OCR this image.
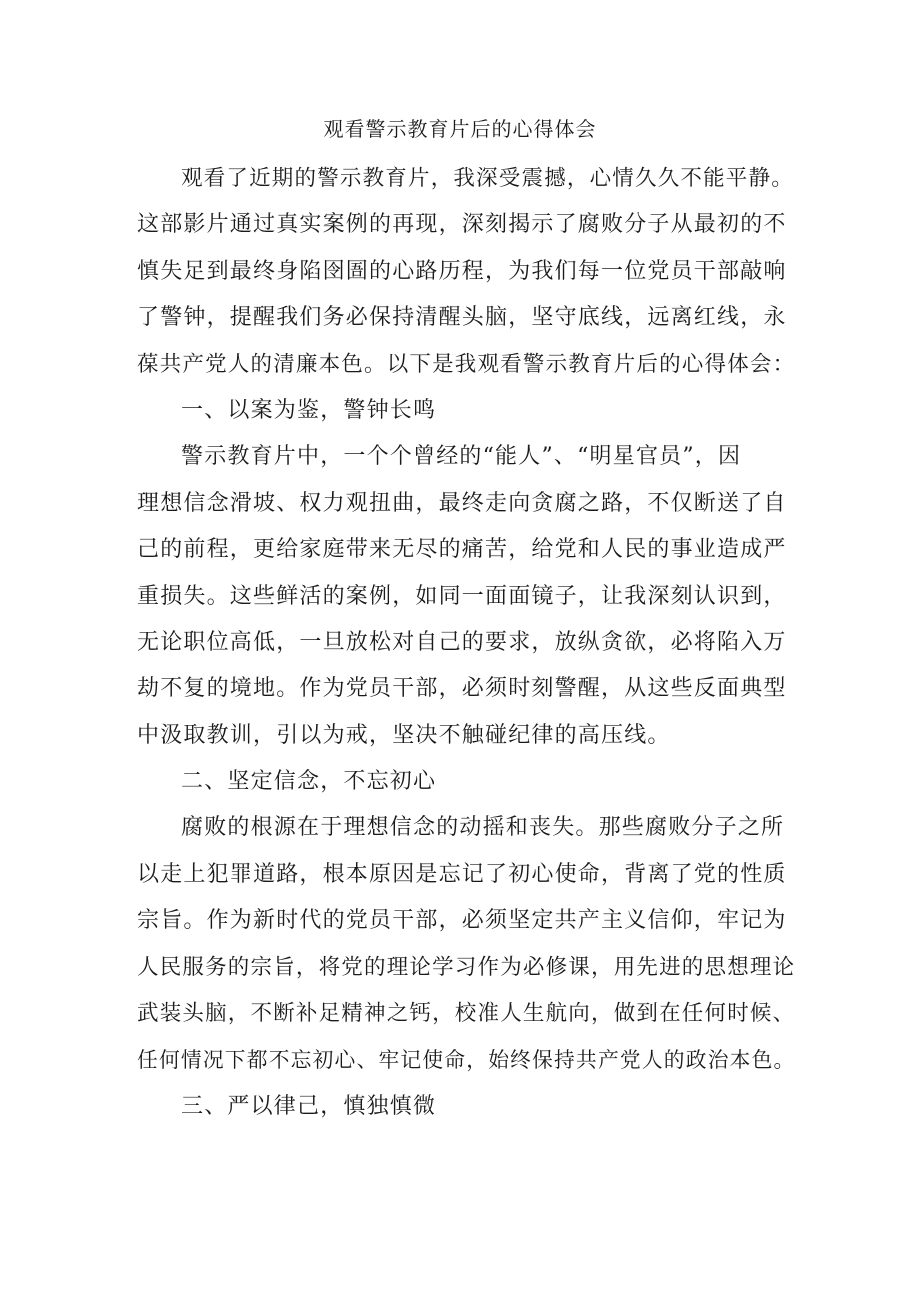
观看警示教育片后的心得体会
观看了近期的警示教育片，我深受震撼，心情久久不能平静。
这部影片通过真实案例的再现，深刻揭示了腐败分子从最初的不
慎失足到最终身陷囹圄的心路历程，为我们每一位党员干部敲响
了警钟，提醒我们务必保持清醒头脑，坚守底线，远离红线，永
葆共产党人的清廉本色。以下是我观看警示教育片后的心得体会：
一、以案为鉴，警钟长鸣
警示教育片中，一个个曾经的“能人”、“明星官员”，因
理想信念滑坡、权力观扭曲，最终走向贪腐之路，不仅断送了自
己的前程，更给家庭带来无尽的痛苦，给党和人民的事业造成严
重损失。这些鲜活的案例，如同一面面镜子，让我深刻认识到，
无论职位高低，一旦放松对自己的要求，放纵贪欲，必将陷入万
劫不复的境地。作为党员干部，必须时刻警醒，从这些反面典型
中汲取教训，引以为戒，坚决不触碰纪律的高压线。
二、坚定信念，不忘初心
腐败的根源在于理想信念的动摇和丧失。那些腐败分子之所
以走上犯罪道路，根本原因是忘记了初心使命，背离了党的性质
宗旨。作为新时代的党员干部，必须坚定共产主义信仰，牢记为
人民服务的宗旨，将党的理论学习作为必修课，用先进的思想理论
武装头脑，不断补足精神之钙，校准人生航向，做到在任何时候、
任何情况下都不忘初心、牢记使命，始终保持共产党人的政治本色。
三、严以律己，慎独慎微
